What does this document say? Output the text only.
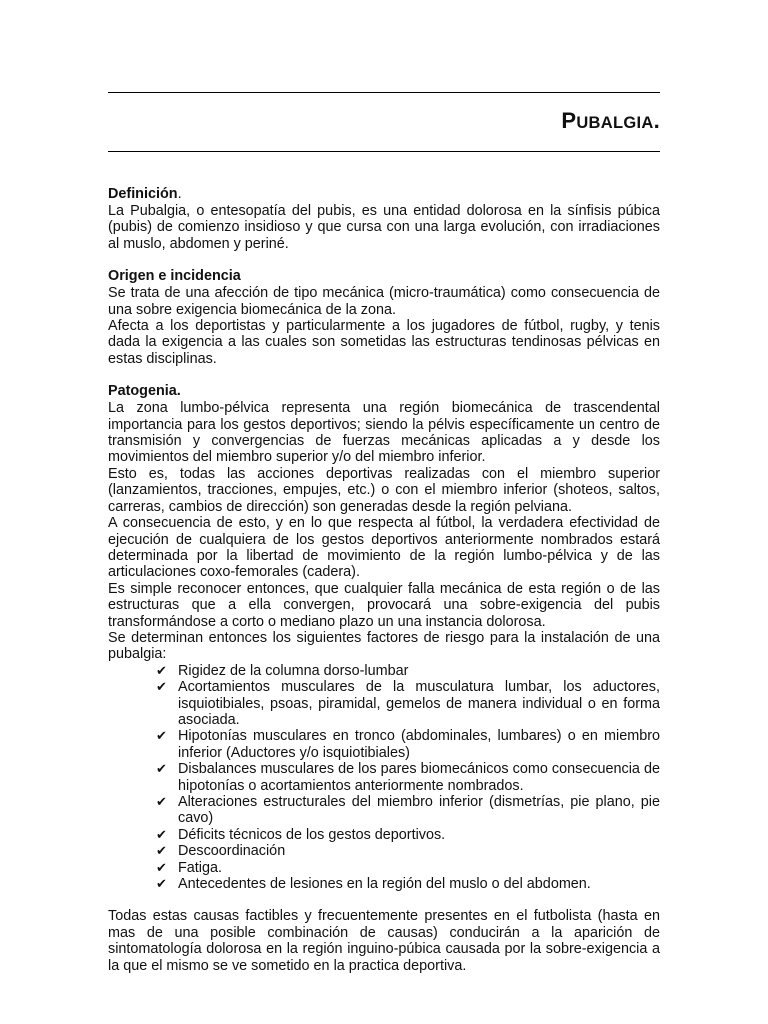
PUBALGIA.

Definición.

La Pubalgia, o entesopatía del pubis, es una entidad dolorosa en la sínfisis púbica (pubis) de comienzo insidioso y que cursa con una larga evolución, con irradiaciones al muslo, abdomen y periné.

Origen e incidencia

Se trata de una afección de tipo mecánica (micro-traumática) como consecuencia de una sobre exigencia biomecánica de la zona.

Afecta a los deportistas y particularmente a los jugadores de fútbol, rugby, y tenis dada la exigencia a las cuales son sometidas las estructuras tendinosas pélvicas en estas disciplinas.

Patogenia.

La zona lumbo-pélvica representa una región biomecánica de trascendental importancia para los gestos deportivos; siendo la pélvis específicamente un centro de transmisión y convergencias de fuerzas mecánicas aplicadas a y desde los movimientos del miembro superior y/o del miembro inferior.

Esto es, todas las acciones deportivas realizadas con el miembro superior (lanzamientos, tracciones, empujes, etc.) o con el miembro inferior (shoteos, saltos, carreras, cambios de dirección) son generadas desde la región pelviana.

A consecuencia de esto, y en lo que respecta al fútbol, la verdadera efectividad de ejecución de cualquiera de los gestos deportivos anteriormente nombrados estará determinada por la libertad de movimiento de la región lumbo-pélvica y de las articulaciones coxo-femorales (cadera).

Es simple reconocer entonces, que cualquier falla mecánica de esta región o de las estructuras que a ella convergen, provocará una sobre-exigencia del pubis transformándose a corto o mediano plazo un una instancia dolorosa.

Se determinan entonces los siguientes factores de riesgo para la instalación de una pubalgia:

✔ Rigidez de la columna dorso-lumbar
✔ Acortamientos musculares de la musculatura lumbar, los aductores, isquiotibiales, psoas, piramidal, gemelos de manera individual o en forma asociada.
✔ Hipotonías musculares en tronco (abdominales, lumbares) o en miembro inferior (Aductores y/o isquiotibiales)
✔ Disbalances musculares de los pares biomecánicos como consecuencia de hipotonías o acortamientos anteriormente nombrados.
✔ Alteraciones estructurales del miembro inferior (dismetrías, pie plano, pie cavo)
✔ Déficits técnicos de los gestos deportivos.
✔ Descoordinación
✔ Fatiga.
✔ Antecedentes de lesiones en la región del muslo o del abdomen.

Todas estas causas factibles y frecuentemente presentes en el futbolista (hasta en mas de una posible combinación de causas) conducirán a la aparición de sintomatología dolorosa en la región inguino-púbica causada por la sobre-exigencia a la que el mismo se ve sometido en la practica deportiva.
